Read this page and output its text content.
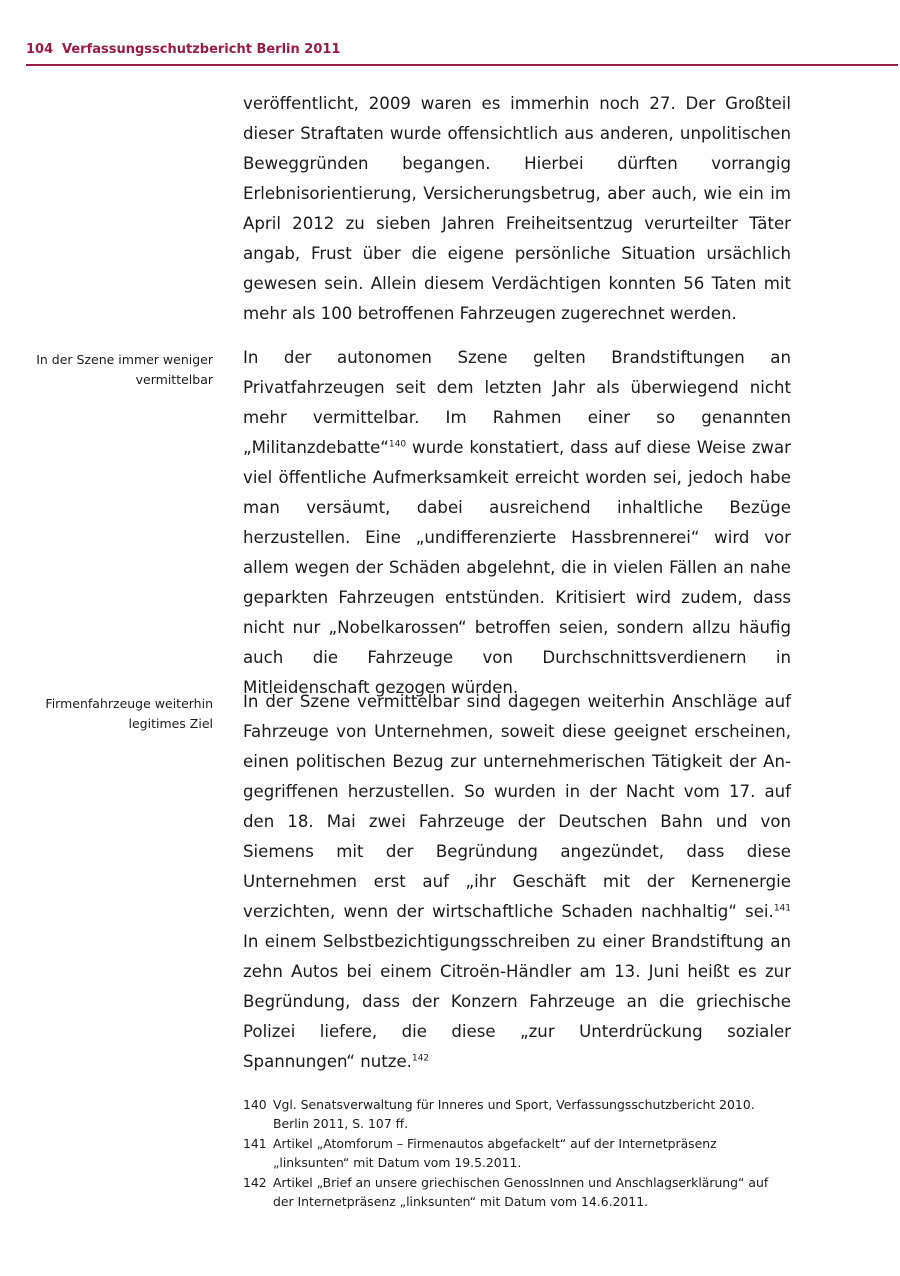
104 Verfassungsschutzbericht Berlin 2011
In der Szene immer weniger vermittelbar
Firmenfahrzeuge weiterhin legitimes Ziel

veröffentlicht, 2009 waren es immerhin noch 27. Der Großteil dieser Straftaten wurde offensichtlich aus anderen, unpolitischen Beweggründen begangen. Hierbei dürften vorrangig Erlebnisorientierung, Versicherungsbetrug, aber auch, wie ein im April 2012 zu sieben Jahren Freiheitsentzug verurteilter Täter angab, Frust über die eigene persönliche Situation ursächlich gewesen sein. Allein diesem Verdächtigen konnten 56 Taten mit mehr als 100 betroffenen Fahrzeugen zugerechnet werden.

In der autonomen Szene gelten Brandstiftungen an Privatfahrzeugen seit dem letzten Jahr als überwiegend nicht mehr vermittelbar. Im Rahmen einer so genannten „Militanzdebatte“$^{140}$ wurde konstatiert, dass auf diese Weise zwar viel öffentliche Aufmerksamkeit erreicht worden sei, jedoch habe man versäumt, dabei ausreichend inhaltliche Bezüge herzustellen. Eine „undifferenzierte Hassbrennerei“ wird vor allem wegen der Schäden abgelehnt, die in vielen Fällen an nahe geparkten Fahrzeugen entstünden. Kritisiert wird zudem, dass nicht nur „Nobelkarossen“ betroffen seien, sondern allzu häufig auch die Fahrzeuge von Durchschnittsverdienern in Mitleidenschaft gezogen würden.

In der Szene vermittelbar sind dagegen weiterhin Anschläge auf Fahrzeuge von Unternehmen, soweit diese geeignet erscheinen, einen politischen Bezug zur unternehmerischen Tätigkeit der Angegriffenen herzustellen. So wurden in der Nacht vom 17. auf den 18. Mai zwei Fahrzeuge der Deutschen Bahn und von Siemens mit der Begründung angezündet, dass diese Unternehmen erst auf „ihr Geschäft mit der Kernenergie verzichten, wenn der wirtschaftliche Schaden nachhaltig“ sei.$^{141}$ In einem Selbstbezichtigungsschreiben zu einer Brandstiftung an zehn Autos bei einem Citroën-Händler am 13. Juni heißt es zur Begründung, dass der Konzern Fahrzeuge an die griechische Polizei liefere, die diese „zur Unterdrückung sozialer Spannungen“ nutze.$^{142}$

140 Vgl. Senatsverwaltung für Inneres und Sport, Verfassungsschutzbericht 2010. Berlin 2011, S. 107 ff.
141 Artikel „Atomforum – Firmenautos abgefackelt“ auf der Internetpräsenz „linksunten“ mit Datum vom 19.5.2011.
142 Artikel „Brief an unsere griechischen GenossInnen und Anschlagserklärung“ auf der Internetpräsenz „linksunten“ mit Datum vom 14.6.2011.
